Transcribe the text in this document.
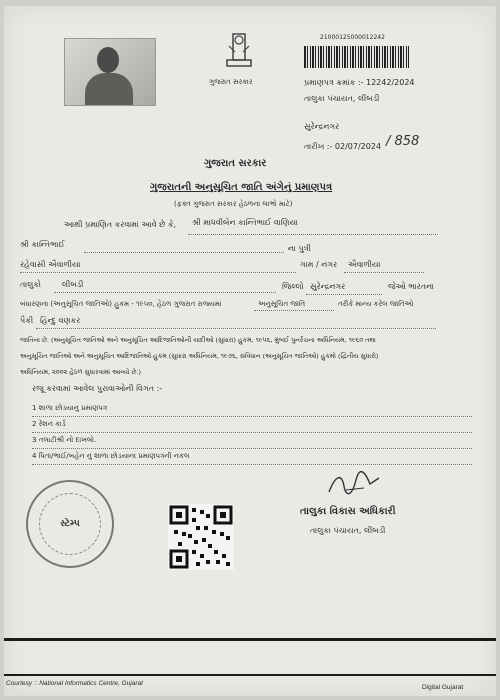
ગુજરાત સરકાર
21000125000012242
પ્રમાણપત્ર ક્રમાંક :- 12242/2024
તાલુકા પંચાયત, લીંબડી
સુરેન્દ્રનગર
તારીખ :- 02/07/2024 / 858
ગુજરાત સરકાર
ગુજરાતની અનુસૂચિત જાતિ અંગેનું પ્રમાણપત્ર
(ફક્ત ગુજરાત સરકાર હેઠળના લાભો માટે)
આથી પ્રમાણિત કરવામાં આવે છે કે, શ્રી માધવીબેન કાન્તિભાઈ વાણિયા
શ્રી કાન્તિભાઈ	ના પુત્રી
રહેવાસી ઐવાળીયા	ગામ / નગર ઐવાળીયા
તાલુકો	લીંબડી	જિલ્લો સુરેન્દ્રનગર	જેઓ ભારતના
બંધારણના (અનુસૂચિત જાતિઓ) હુકમ - ૧૯૫૦, હેઠળ ગુજરાત રાજ્યમાં	અનુસૂચિત જાતિ	તરીકે માન્ય કરેલ જાતિઓ
પૈકી હિન્દુ વણકર
જાતિના છે. (અનુસૂચિત જાતિઓ અને અનુસૂચિત આદિજાતિઓની યાદીઓ (સુધારા) હુકમ, ૧૯૫૬, મુંબઈ પુનર્રચના અધિનિયમ, ૧૯૬૦ તથા
અનુસૂચિત જાતિઓ અને અનુસૂચિત આદિજાતિઓ હુકમ (સુધારા અધિનિયમ, ૧૯૭૬, સંવિધાન (અનુસૂચિત જાતિઓ) હુકમો (દ્વિતીય સુધારો)
અધિનિયમ, ૨૦૦૨ હેઠળ સુધારવામાં આવ્યો છે.)
રજૂ કરવામાં આવેલ પુરાવાઓની વિગત :-
1 શાળા છોડયાનુ પ્રમાણપત્ર
2 રેશન કાર્ડ
3 તલાટીશ્રી નો દાખલો.
4 પિતા/ભાઈ/બહેન નુ શાળા છોડયાના પ્રમાણપત્રની નકલ
સ્ટેમ્પ
તાલુકા વિકાસ અધિકારી
તાલુકા પંચાયત, લીંબડી
Courtesy :: National Informatics Centre, Gujarat
Digital Gujarat
